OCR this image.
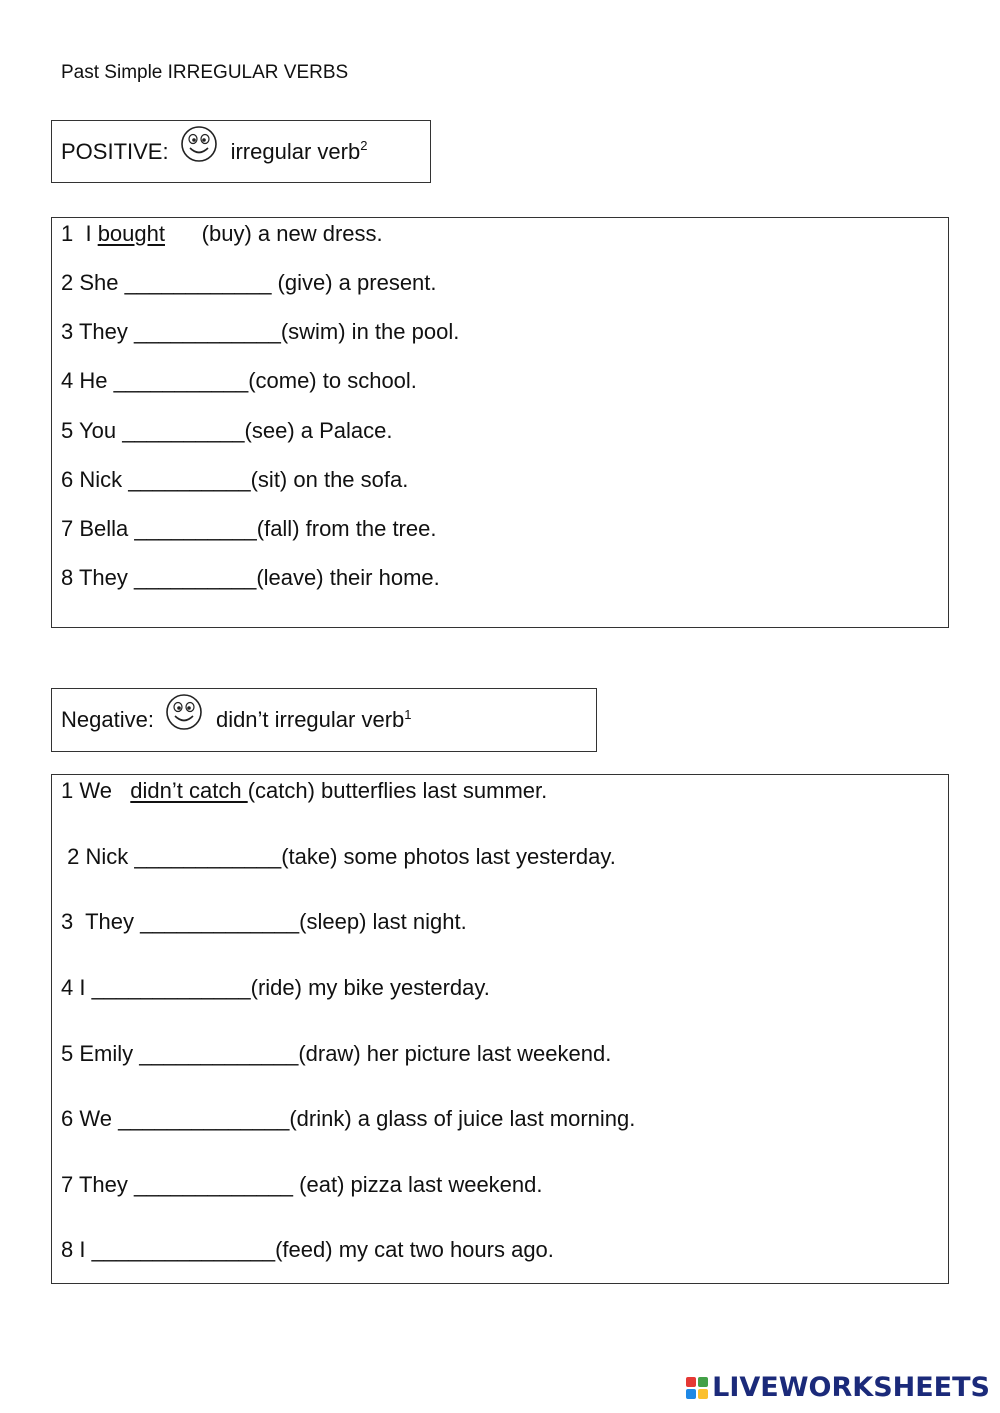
Past Simple IRREGULAR VERBS
POSITIVE:	irregular verb$^2$
1  I bought      (buy) a new dress.
2 She ____________ (give) a present.
3 They ____________(swim) in the pool.
4 He ___________(come) to school.
5 You __________(see) a Palace.
6 Nick __________(sit) on the sofa.
7 Bella __________(fall) from the tree.
8 They __________(leave) their home.
Negative:	didn’t irregular verb$^1$
1 We   didn’t catch (catch) butterflies last summer.
2 Nick ____________(take) some photos last yesterday.
3  They _____________(sleep) last night.
4 I _____________(ride) my bike yesterday.
5 Emily _____________(draw) her picture last weekend.
6 We ______________(drink) a glass of juice last morning.
7 They _____________ (eat) pizza last weekend.
8 I _______________(feed) my cat two hours ago.
LIVEWORKSHEETS
